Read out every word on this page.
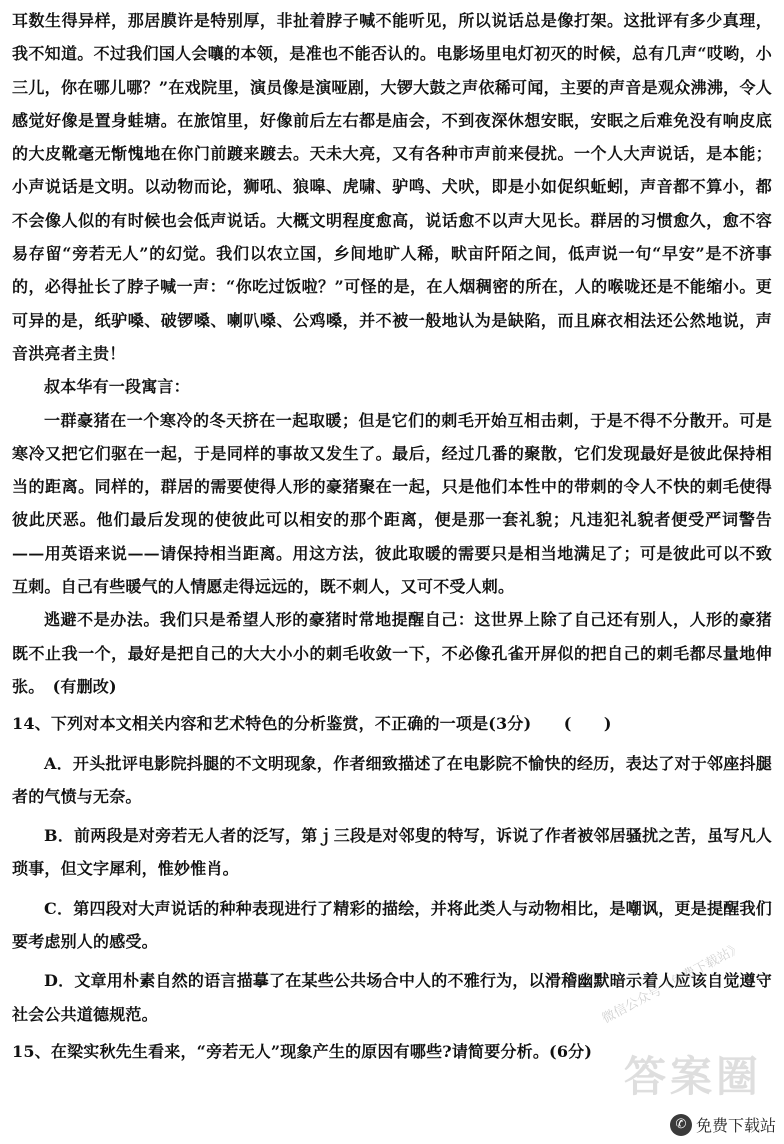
耳数生得异样，那居膜许是特别厚，非扯着脖子喊不能听见，所以说话总是像打架。这批评有多少真理，我不知道。不过我们国人会嚷的本领，是准也不能否认的。电影场里电灯初灭的时候，总有几声“哎哟，小三儿，你在哪儿哪？”在戏院里，演员像是演哑剧，大锣大鼓之声依稀可闻，主要的声音是观众沸沸，令人感觉好像是置身蛙塘。在旅馆里，好像前后左右都是庙会，不到夜深休想安眠，安眠之后难免没有响皮底的大皮靴毫无惭愧地在你门前踱来踱去。天未大亮，又有各种市声前来侵扰。一个人大声说话，是本能；小声说话是文明。以动物而论，狮吼、狼嗥、虎啸、驴鸣、犬吠，即是小如促织蚯蚓，声音都不算小，都不会像人似的有时候也会低声说话。大概文明程度愈高，说话愈不以声大见长。群居的习惯愈久，愈不容易存留“旁若无人”的幻觉。我们以农立国，乡间地旷人稀，畎亩阡陌之间，低声说一句“早安”是不济事的，必得扯长了脖子喊一声：“你吃过饭啦？”可怪的是，在人烟稠密的所在，人的喉咙还是不能缩小。更可异的是，纸驴嗓、破锣嗓、喇叭嗓、公鸡嗓，并不被一般地认为是缺陷，而且麻衣相法还公然地说，声音洪亮者主贵！

叔本华有一段寓言：

一群豪猪在一个寒冷的冬天挤在一起取暖；但是它们的刺毛开始互相击刺，于是不得不分散开。可是寒冷又把它们驱在一起，于是同样的事故又发生了。最后，经过几番的聚散，它们发现最好是彼此保持相当的距离。同样的，群居的需要使得人形的豪猪聚在一起，只是他们本性中的带刺的令人不快的刺毛使得彼此厌恶。他们最后发现的使彼此可以相安的那个距离，便是那一套礼貌；凡违犯礼貌者便受严词警告——用英语来说——请保持相当距离。用这方法，彼此取暖的需要只是相当地满足了；可是彼此可以不致互刺。自己有些暖气的人情愿走得远远的，既不刺人，又可不受人刺。

逃避不是办法。我们只是希望人形的豪猪时常地提醒自己：这世界上除了自己还有别人，人形的豪猪既不止我一个，最好是把自己的大大小小的刺毛收敛一下，不必像孔雀开屏似的把自己的刺毛都尽量地伸张。　(有删改)

14、下列对本文相关内容和艺术特色的分析鉴赏，不正确的一项是(3分)　　(　　)

A．开头批评电影院抖腿的不文明现象，作者细致描述了在电影院不愉快的经历，表达了对于邻座抖腿者的气愤与无奈。

B．前两段是对旁若无人者的泛写，第ｊ三段是对邻叟的特写，诉说了作者被邻居骚扰之苦，虽写凡人琐事，但文字犀利，惟妙惟肖。

C．第四段对大声说话的种种表现进行了精彩的描绘，并将此类人与动物相比，是嘲讽，更是提醒我们要考虑别人的感受。

D．文章用朴素自然的语言描摹了在某些公共场合中人的不雅行为，以滑稽幽默暗示着人应该自觉遵守社会公共道德规范。

15、在梁实秋先生看来，“旁若无人”现象产生的原因有哪些?请简要分析。(6分)

微信公众号《免费下载站》
答案圈
✆ 免费下载站
